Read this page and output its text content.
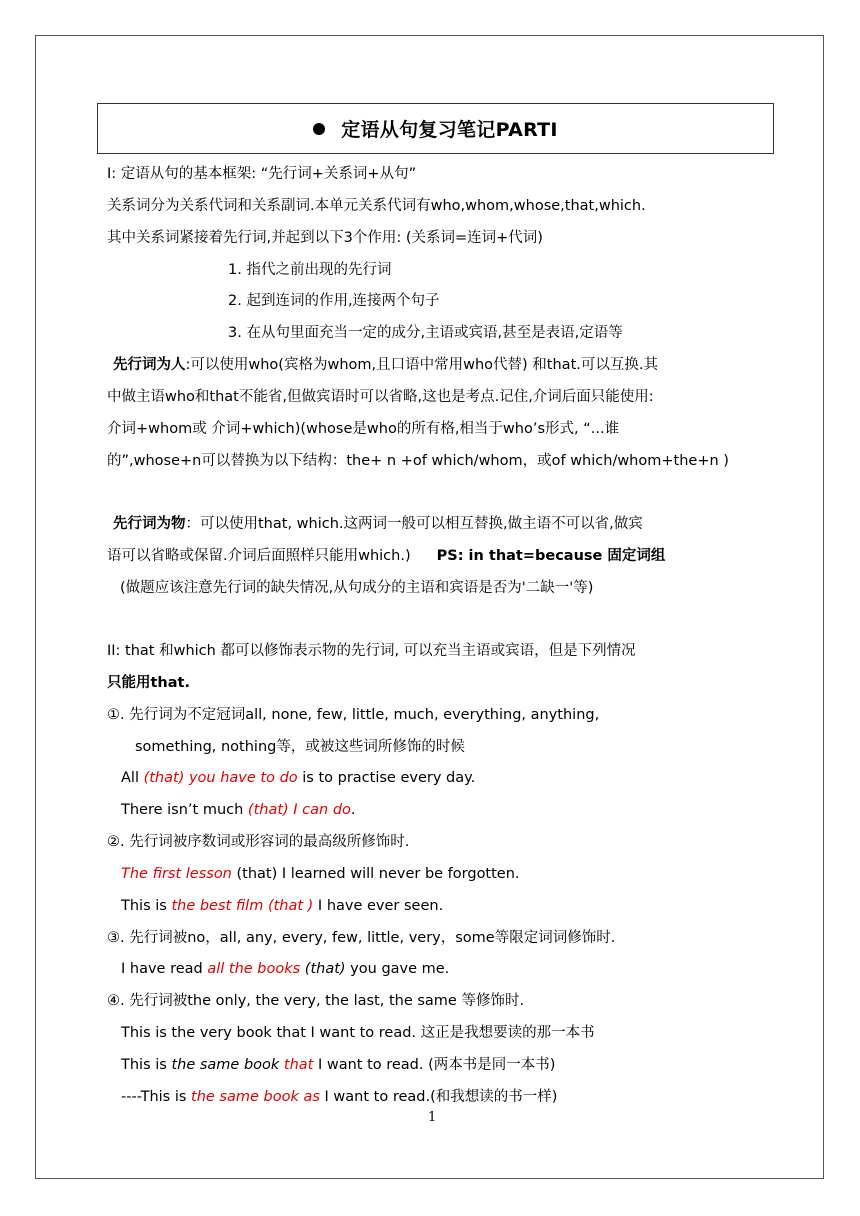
定语从句复习笔记PARTI
I: 定语从句的基本框架: “先行词+关系词+从句”
关系词分为关系代词和关系副词.本单元关系代词有who,whom,whose,that,which.
其中关系词紧接着先行词,并起到以下3个作用: (关系词=连词+代词)
1. 指代之前出现的先行词
2. 起到连词的作用,连接两个句子
3. 在从句里面充当一定的成分,主语或宾语,甚至是表语,定语等
先行词为人:可以使用who(宾格为whom,且口语中常用who代替) 和that.可以互换.其
中做主语who和that不能省,但做宾语时可以省略,这也是考点.记住,介词后面只能使用:
介词+whom或 介词+which)(whose是who的所有格,相当于who’s形式, “...谁
的”,whose+n可以替换为以下结构：the+ n +of which/whom，或of which/whom+the+n )
先行词为物：可以使用that, which.这两词一般可以相互替换,做主语不可以省,做宾
语可以省略或保留.介词后面照样只能用which.) PS: in that=because 固定词组
(做题应该注意先行词的缺失情况,从句成分的主语和宾语是否为'二缺一'等)
II: that 和which 都可以修饰表示物的先行词, 可以充当主语或宾语，但是下列情况
只能用that.
①. 先行词为不定冠词all, none, few, little, much, everything, anything,
something, nothing等，或被这些词所修饰的时候
All (that) you have to do is to practise every day.
There isn’t much (that) I can do.
②. 先行词被序数词或形容词的最高级所修饰时.
The first lesson (that) I learned will never be forgotten.
This is the best film (that ) I have ever seen.
③. 先行词被no，all, any, every, few, little, very，some等限定词词修饰时.
I have read all the books (that) you gave me.
④. 先行词被the only, the very, the last, the same 等修饰时.
This is the very book that I want to read. 这正是我想要读的那一本书
This is the same book that I want to read. (两本书是同一本书)
----This is the same book as I want to read.(和我想读的书一样)
1
